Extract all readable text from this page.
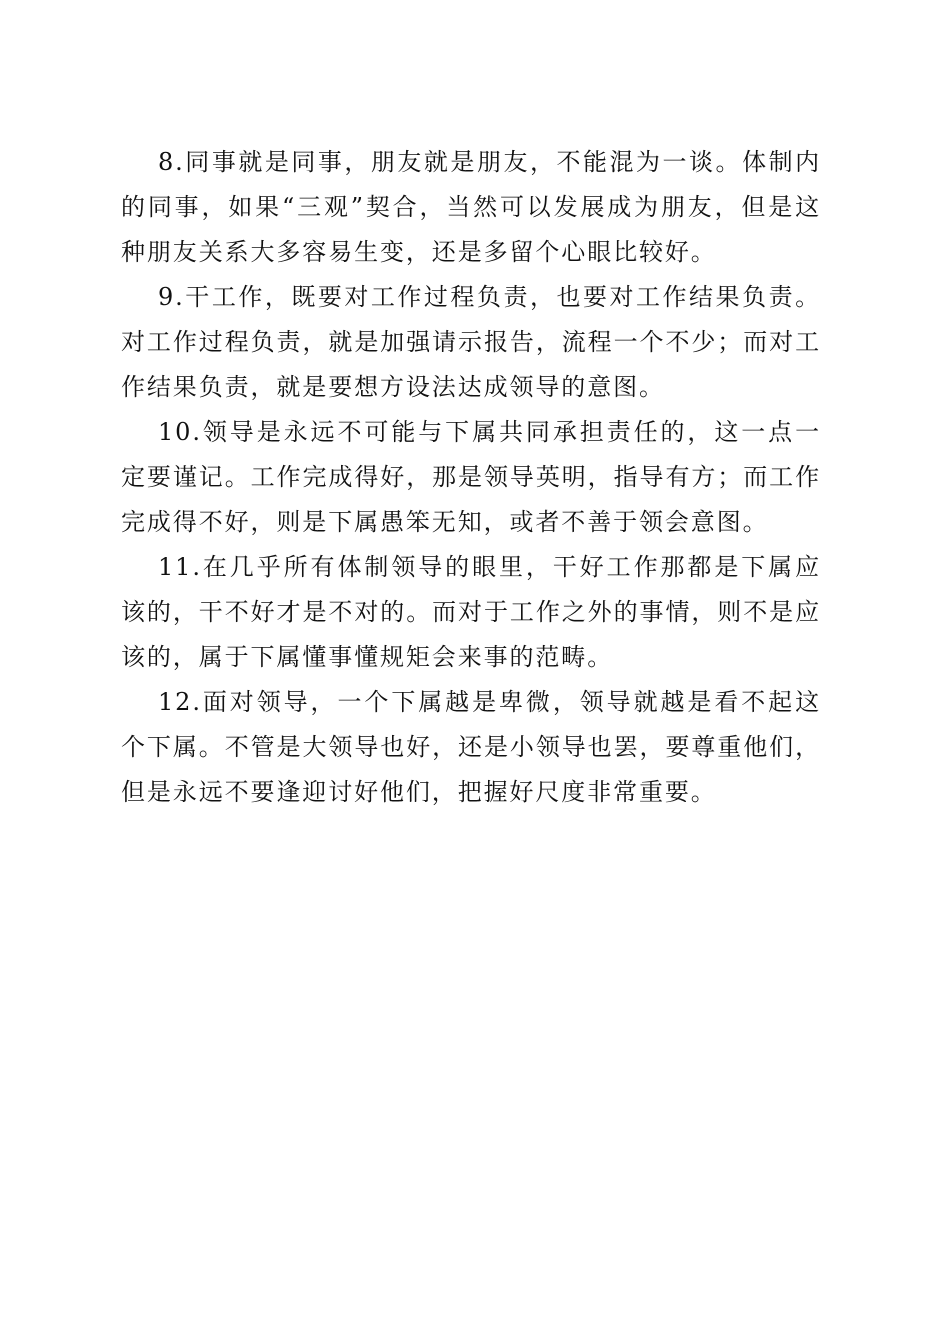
8.同事就是同事，朋友就是朋友，不能混为一谈。体制内的同事，如果“三观”契合，当然可以发展成为朋友，但是这种朋友关系大多容易生变，还是多留个心眼比较好。

9.干工作，既要对工作过程负责，也要对工作结果负责。对工作过程负责，就是加强请示报告，流程一个不少；而对工作结果负责，就是要想方设法达成领导的意图。

10.领导是永远不可能与下属共同承担责任的，这一点一定要谨记。工作完成得好，那是领导英明，指导有方；而工作完成得不好，则是下属愚笨无知，或者不善于领会意图。

11.在几乎所有体制领导的眼里，干好工作那都是下属应该的，干不好才是不对的。而对于工作之外的事情，则不是应该的，属于下属懂事懂规矩会来事的范畴。

12.面对领导，一个下属越是卑微，领导就越是看不起这个下属。不管是大领导也好，还是小领导也罢，要尊重他们，但是永远不要逢迎讨好他们，把握好尺度非常重要。
